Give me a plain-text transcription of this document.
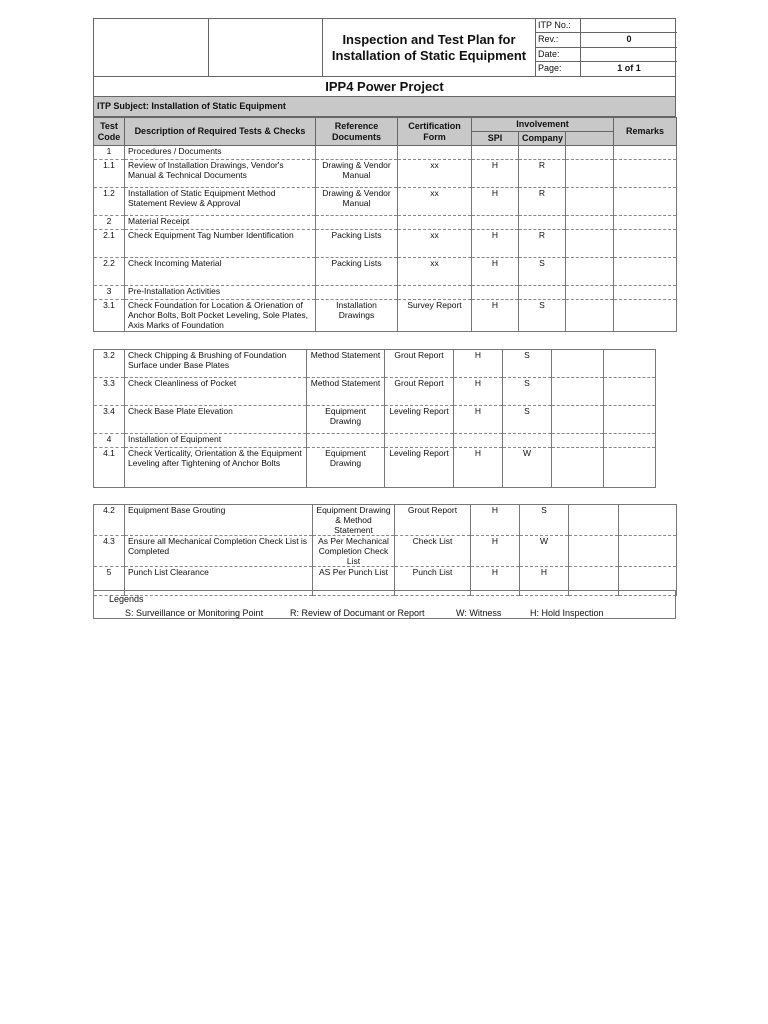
Inspection and Test Plan for
Installation of Static Equipment
ITP No.:
Rev.:	0
Date:
Page:	1 of 1
IPP4 Power Project
ITP Subject: Installation of Static Equipment
Test Code	Description of Required Tests & Checks	Reference Documents	Certification Form	Involvement			Remarks
				SPI	Company		
1	Procedures / Documents						
1.1	Review of Installation Drawings, Vendor's Manual & Technical Documents	Drawing & Vendor Manual	xx	H	R		
1.2	Installation of Static Equipment Method Statement Review & Approval	Drawing & Vendor Manual	xx	H	R		
2	Material Receipt						
2.1	Check Equipment Tag Number Identification	Packing Lists	xx	H	R		
2.2	Check Incoming Material	Packing Lists	xx	H	S		
3	Pre-Installation Activities						
3.1	Check Foundation for Location & Orienation of Anchor Bolts, Bolt Pocket Leveling, Sole Plates, Axis Marks of Foundation	Installation Drawings	Survey Report	H	S		
3.2	Check Chipping & Brushing of Foundation Surface under Base Plates	Method Statement	Grout Report	H	S		
3.3	Check Cleanliness of Pocket	Method Statement	Grout Report	H	S		
3.4	Check Base Plate Elevation	Equipment Drawing	Leveling Report	H	S		
4	Installation of Equipment						
4.1	Check Verticality, Orientation & the Equipment Leveling after Tightening of Anchor Bolts	Equipment Drawing	Leveling Report	H	W		
4.2	Equipment Base Grouting	Equipment Drawing & Method Statement	Grout Report	H	S		
4.3	Ensure all Mechanical Completion Check List is Completed	As Per Mechanical Completion Check List	Check List	H	W		
5	Punch List Clearance	AS Per Punch List	Punch List	H	H		
Legends
S: Surveillance or Monitoring Point	R: Review of Documant or Report	W: Witness	H: Hold Inspection
